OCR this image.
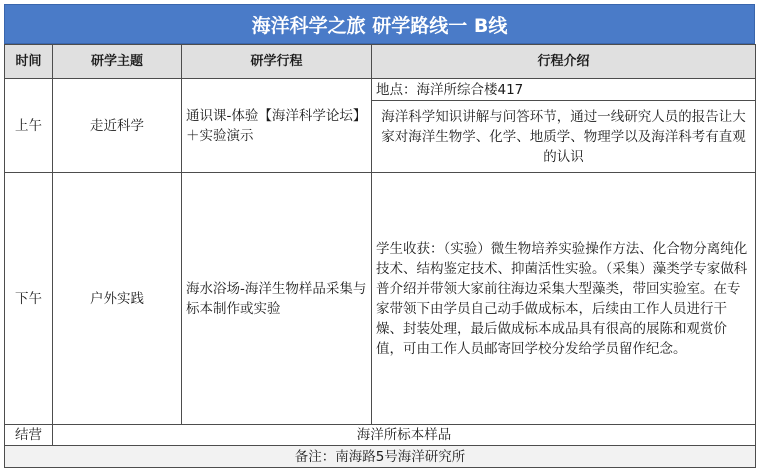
海洋科学之旅 研学路线一 B线
时间	研学主题	研学行程	行程介绍
上午	走近科学	通识课-体验【海洋科学论坛】＋实验演示	地点：海洋所综合楼417
			海洋科学知识讲解与问答环节，通过一线研究人员的报告让大家对海洋生物学、化学、地质学、物理学以及海洋科考有直观的认识
下午	户外实践	海水浴场-海洋生物样品采集与标本制作或实验	学生收获：（实验）微生物培养实验操作方法、化合物分离纯化技术、结构鉴定技术、抑菌活性实验。（采集）藻类学专家做科普介绍并带领大家前往海边采集大型藻类，带回实验室。在专家带领下由学员自己动手做成标本，后续由工作人员进行干燥、封装处理，最后做成标本成品具有很高的展陈和观赏价值，可由工作人员邮寄回学校分发给学员留作纪念。
结营	海洋所标本样品		
备注：南海路5号海洋研究所			
